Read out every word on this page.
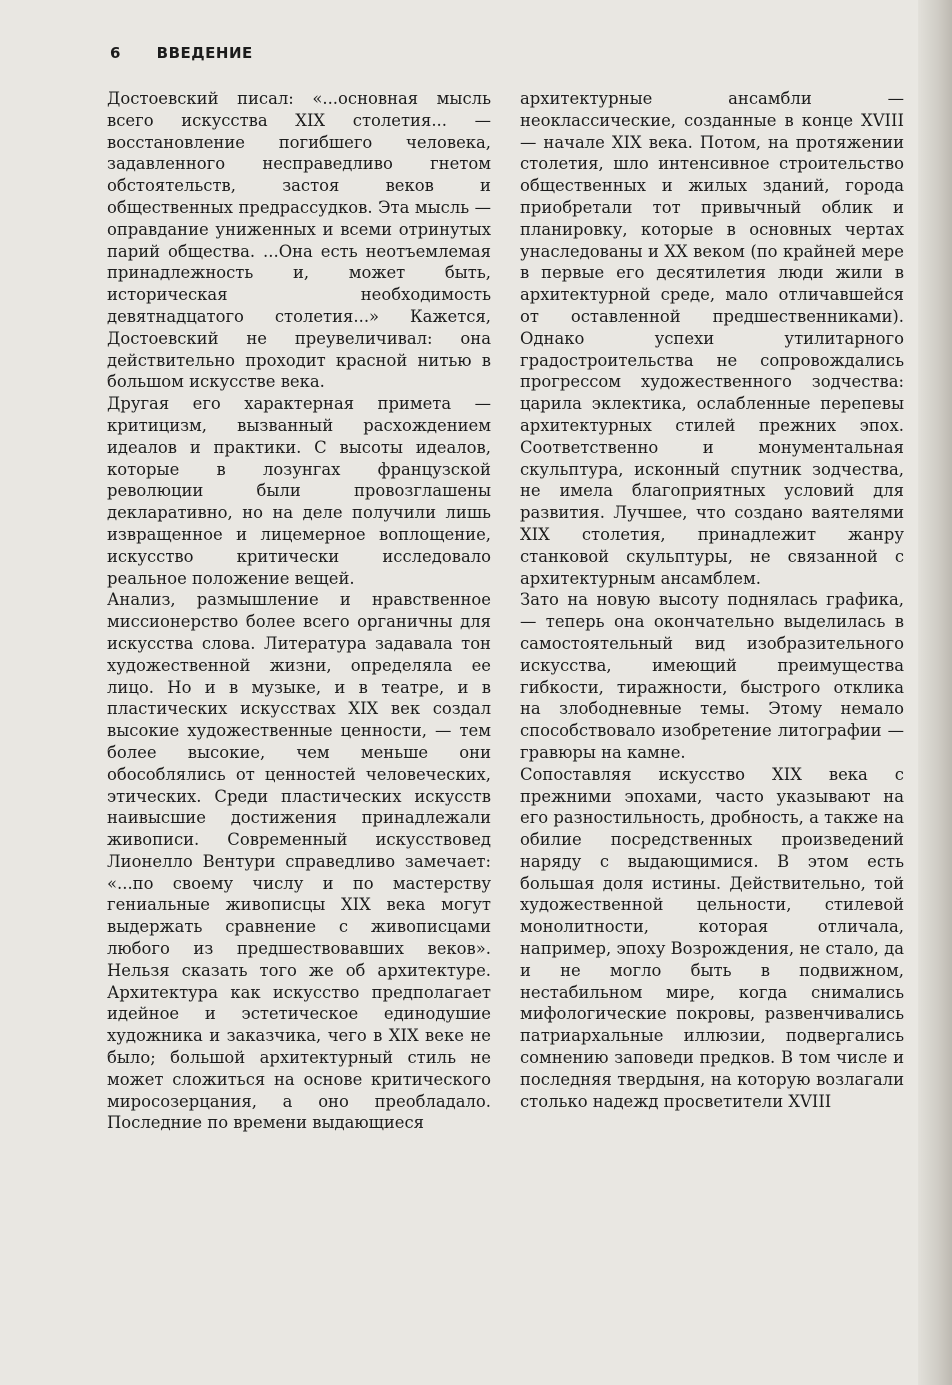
6 ВВЕДЕНИЕ

Достоевский писал: «...основная мысль всего искусства XIX столетия... — восстановление погибшего человека, задавленного несправедливо гнетом обстоятельств, застоя веков и общественных предрассудков. Эта мысль — оправдание униженных и всеми отринутых парий общества. ...Она есть неотъемлемая принадлежность и, может быть, историческая необходимость девятнадцатого столетия...» Кажется, Достоевский не преувеличивал: она действительно проходит красной нитью в большом искусстве века.

Другая его характерная примета — критицизм, вызванный расхождением идеалов и практики. С высоты идеалов, которые в лозунгах французской революции были провозглашены декларативно, но на деле получили лишь извращенное и лицемерное воплощение, искусство критически исследовало реальное положение вещей.

Анализ, размышление и нравственное миссионерство более всего органичны для искусства слова. Литература задавала тон художественной жизни, определяла ее лицо. Но и в музыке, и в театре, и в пластических искусствах XIX век создал высокие художественные ценности, — тем более высокие, чем меньше они обособлялись от ценностей человеческих, этических. Среди пластических искусств наивысшие достижения принадлежали живописи. Современный искусствовед Лионелло Вентури справедливо замечает: «...по своему числу и по мастерству гениальные живописцы XIX века могут выдержать сравнение с живописцами любого из предшествовавших веков». Нельзя сказать того же об архитектуре. Архитектура как искусство предполагает идейное и эстетическое единодушие художника и заказчика, чего в XIX веке не было; большой архитектурный стиль не может сложиться на основе критического миросозерцания, а оно преобладало. Последние по времени выдающиеся

архитектурные ансамбли — неоклассические, созданные в конце XVIII — начале XIX века. Потом, на протяжении столетия, шло интенсивное строительство общественных и жилых зданий, города приобретали тот привычный облик и планировку, которые в основных чертах унаследованы и XX веком (по крайней мере в первые его десятилетия люди жили в архитектурной среде, мало отличавшейся от оставленной предшественниками). Однако успехи утилитарного градостроительства не сопровождались прогрессом художественного зодчества: царила эклектика, ослабленные перепевы архитектурных стилей прежних эпох. Соответственно и монументальная скульптура, исконный спутник зодчества, не имела благоприятных условий для развития. Лучшее, что создано ваятелями XIX столетия, принадлежит жанру станковой скульптуры, не связанной с архитектурным ансамблем.

Зато на новую высоту поднялась графика, — теперь она окончательно выделилась в самостоятельный вид изобразительного искусства, имеющий преимущества гибкости, тиражности, быстрого отклика на злободневные темы. Этому немало способствовало изобретение литографии — гравюры на камне.

Сопоставляя искусство XIX века с прежними эпохами, часто указывают на его разностильность, дробность, а также на обилие посредственных произведений наряду с выдающимися. В этом есть большая доля истины. Действительно, той художественной цельности, стилевой монолитности, которая отличала, например, эпоху Возрождения, не стало, да и не могло быть в подвижном, нестабильном мире, когда снимались мифологические покровы, развенчивались патриархальные иллюзии, подвергались сомнению заповеди предков. В том числе и последняя твердыня, на которую возлагали столько надежд просветители XVIII
